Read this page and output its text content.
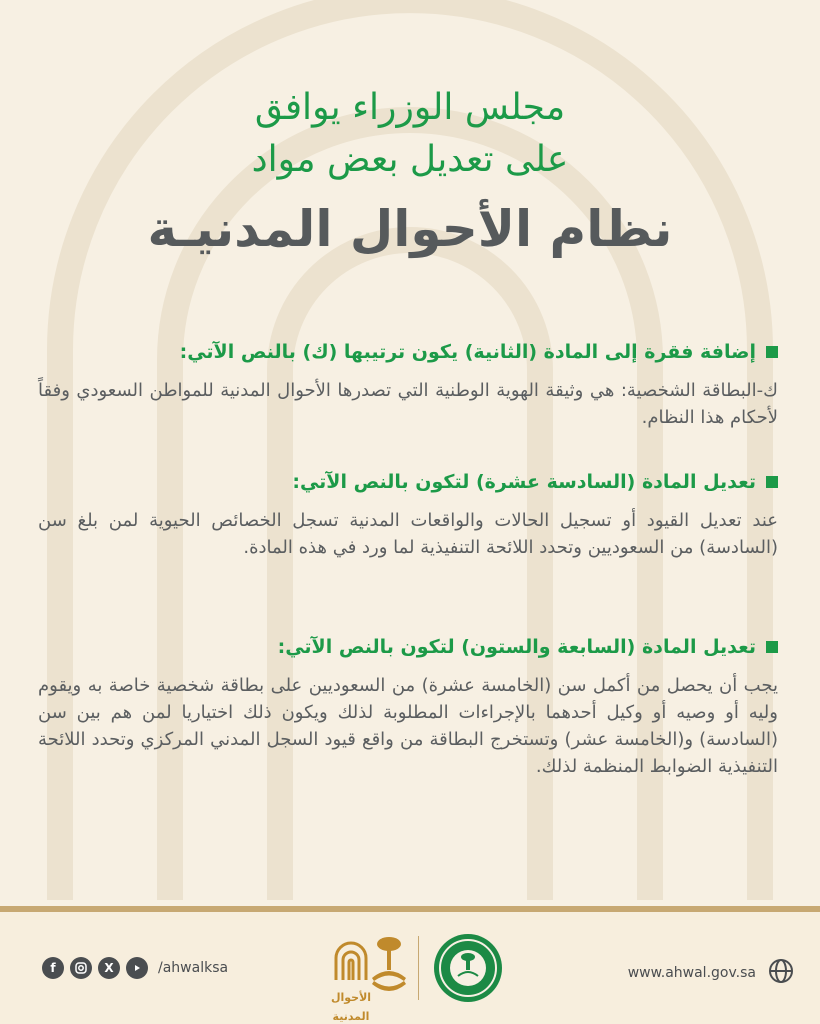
مجلس الوزراء يوافق
على تعديل بعض مواد
نظام الأحوال المدنيـة
إضافة فقرة إلى المادة (الثانية) يكون ترتيبها (ك) بالنص الآتي:
ك-البطاقة الشخصية: هي وثيقة الهوية الوطنية التي تصدرها الأحوال المدنية للمواطن السعودي وفقاً لأحكام هذا النظام.
تعديل المادة (السادسة عشرة) لتكون بالنص الآتي:
عند تعديل القيود أو تسجيل الحالات والواقعات المدنية تسجل الخصائص الحيوية لمن بلغ سن (السادسة) من السعوديين وتحدد اللائحة التنفيذية لما ورد في هذه المادة.
تعديل المادة (السابعة والستون) لتكون بالنص الآتي:
يجب أن يحصل من أكمل سن (الخامسة عشرة) من السعوديين على بطاقة شخصية خاصة به ويقوم وليه أو وصيه أو وكيل أحدهما بالإجراءات المطلوبة لذلك ويكون ذلك اختياريا لمن هم بين سن (السادسة) و(الخامسة عشر) وتستخرج البطاقة من واقع قيود السجل المدني المركزي وتحدد اللائحة التنفيذية الضوابط المنظمة لذلك.
f	X	/ahwalksa
الأحوال المدنية
www.ahwal.gov.sa
